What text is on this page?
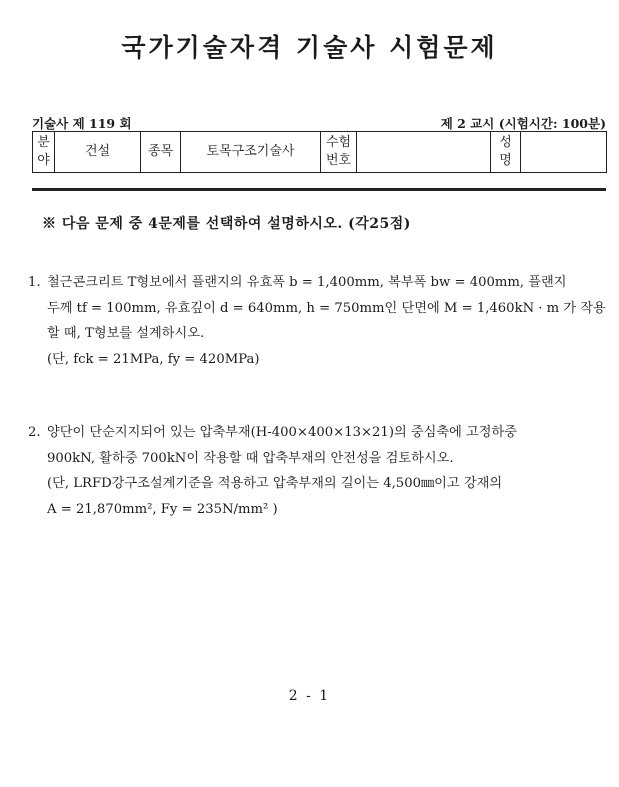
국가기술자격 기술사 시험문제
기술사 제 119 회	제 2 교시 (시험시간: 100분)
분야	건설	종목	토목구조기술사	수험번호		성명	
※ 다음 문제 중 4문제를 선택하여 설명하시오. (각25점)
1. 철근콘크리트 T형보에서 플랜지의 유효폭 b = 1,400mm, 복부폭 bw = 400mm, 플랜지
두께 tf = 100mm, 유효깊이 d = 640mm, h = 750mm인 단면에 M = 1,460kN · m 가 작용
할 때, T형보를 설계하시오.
(단, fck = 21MPa, fy = 420MPa)
2. 양단이 단순지지되어 있는 압축부재(H-400×400×13×21)의 중심축에 고정하중
900kN, 활하중 700kN이 작용할 때 압축부재의 안전성을 검토하시오.
(단, LRFD강구조설계기준을 적용하고 압축부재의 길이는 4,500㎜이고 강재의
A = 21,870mm², Fy = 235N/mm² )
2 - 1
